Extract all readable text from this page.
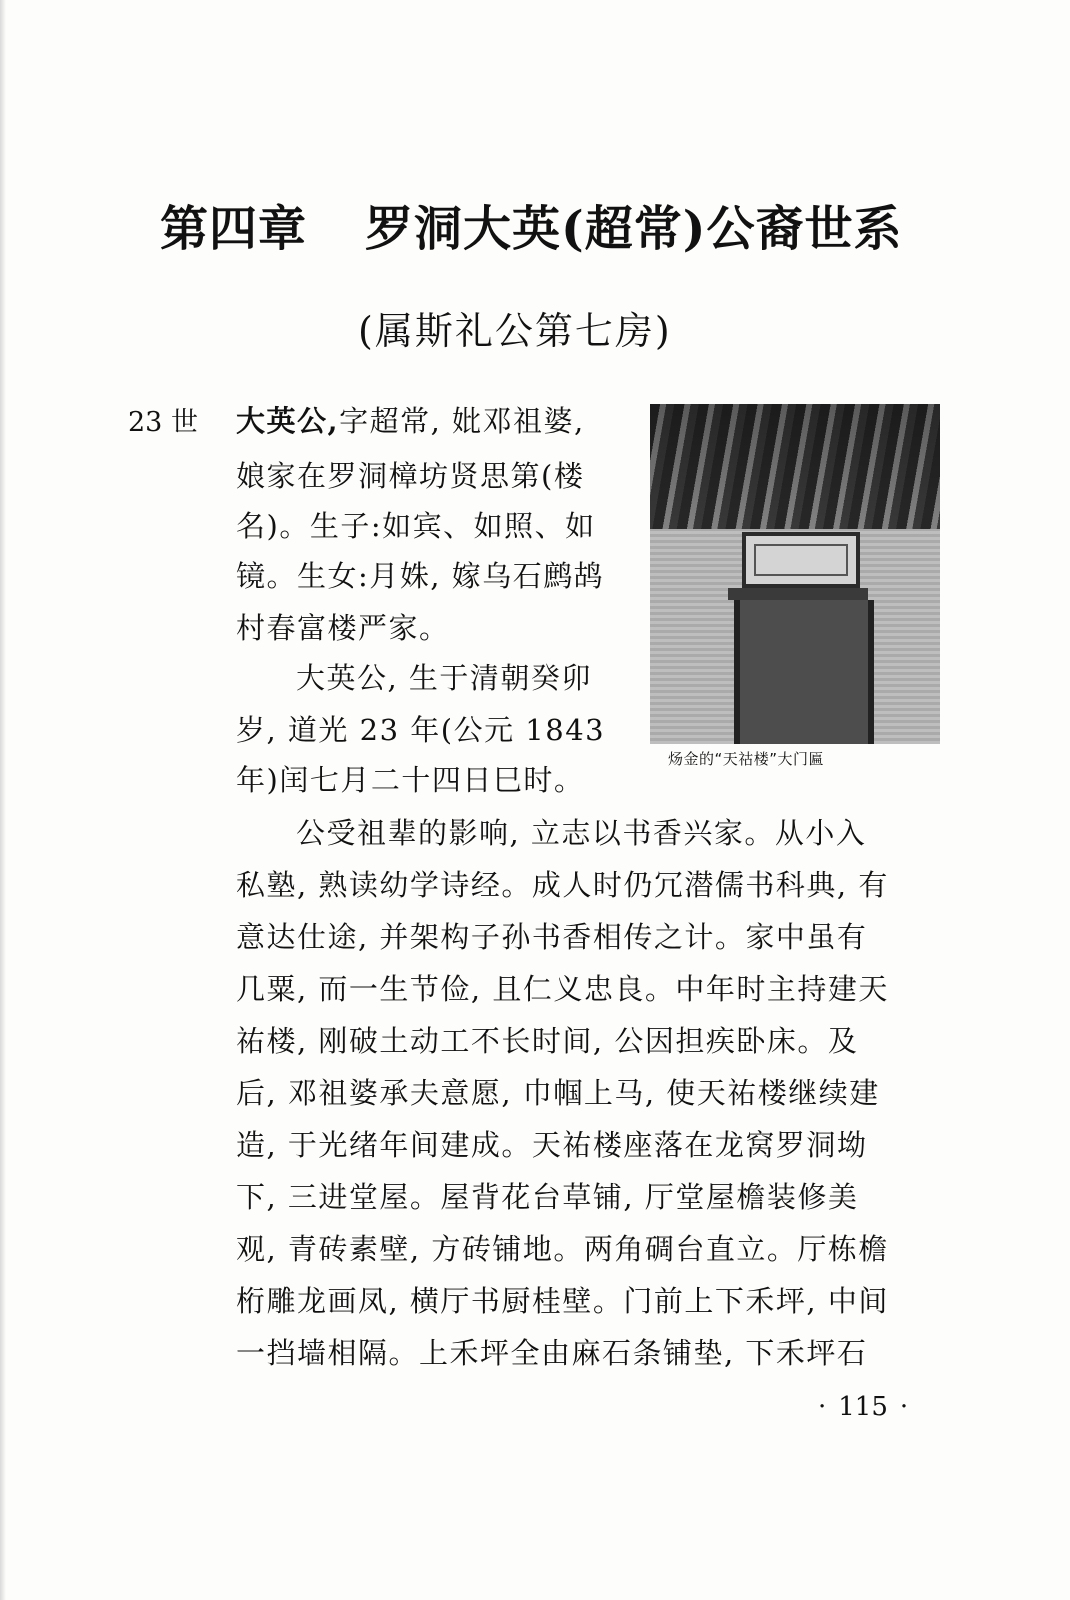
第四章 罗洞大英(超常)公裔世系
(属斯礼公第七房)
23 世 大英公,字超常, 妣邓祖婆,
娘家在罗洞樟坊贤思第(楼
名)。生子:如宾、如照、如
镜。生女:月姝, 嫁乌石鹧鸪
村春富楼严家。
大英公, 生于清朝癸卯
岁, 道光 23 年(公元 1843
年)闰七月二十四日巳时。
公受祖辈的影响, 立志以书香兴家。从小入
私塾, 熟读幼学诗经。成人时仍冗潜儒书科典, 有
意达仕途, 并架构子孙书香相传之计。家中虽有
几粟, 而一生节俭, 且仁义忠良。中年时主持建天
祐楼, 刚破土动工不长时间, 公因担疾卧床。及
后, 邓祖婆承夫意愿, 巾帼上马, 使天祐楼继续建
造, 于光绪年间建成。天祐楼座落在龙窝罗洞坳
下, 三进堂屋。屋背花台草铺, 厅堂屋檐装修美
观, 青砖素壁, 方砖铺地。两角碉台直立。厅栋檐
桁雕龙画凤, 横厅书厨桂壁。门前上下禾坪, 中间
一挡墙相隔。上禾坪全由麻石条铺垫, 下禾坪石
炀金的“天祜楼”大门匾
· 115 ·
